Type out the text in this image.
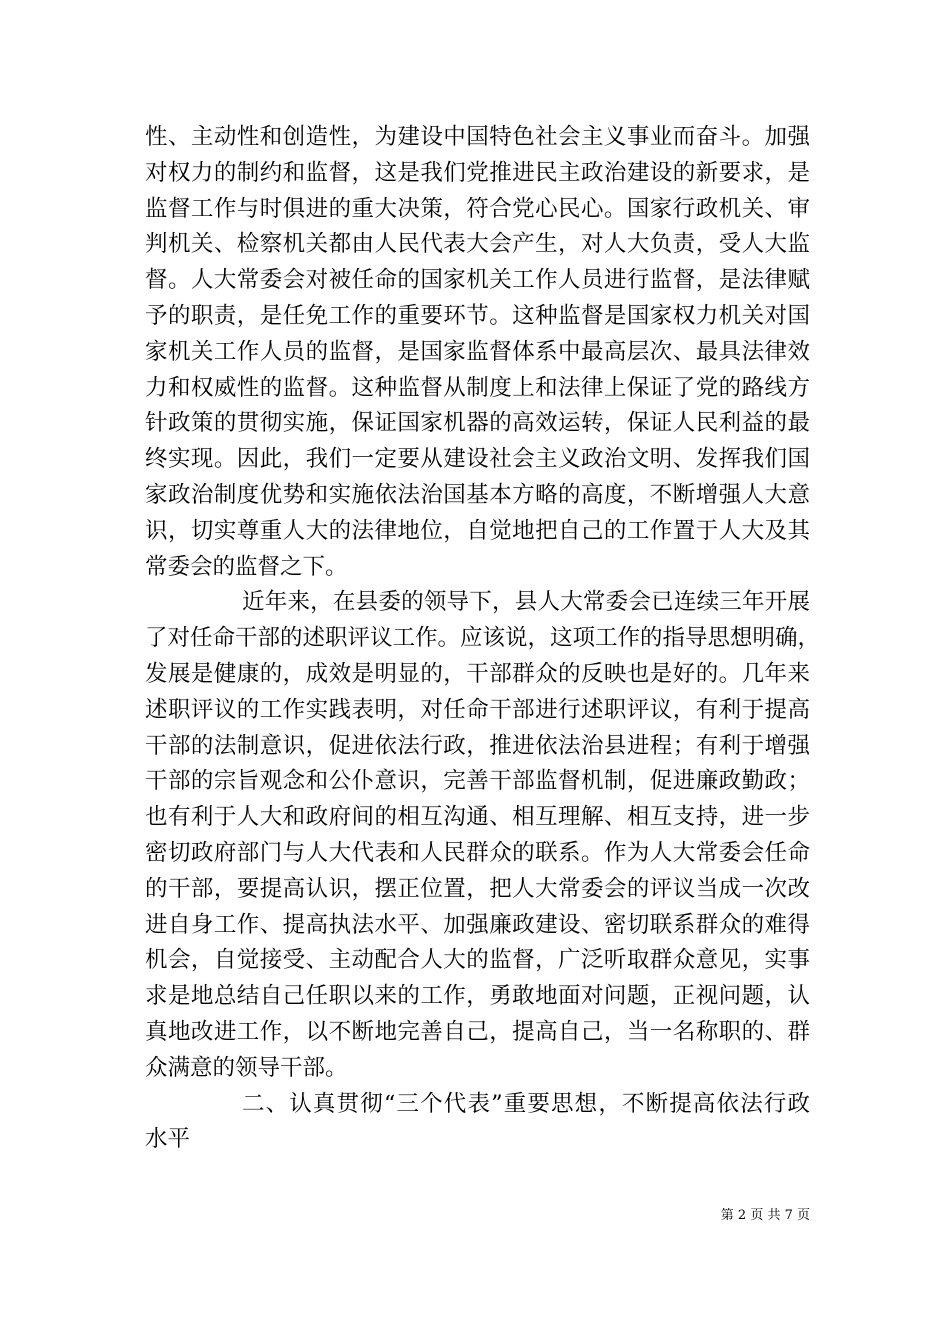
性、主动性和创造性，为建设中国特色社会主义事业而奋斗。加强
对权力的制约和监督，这是我们党推进民主政治建设的新要求，是
监督工作与时俱进的重大决策，符合党心民心。国家行政机关、审
判机关、检察机关都由人民代表大会产生，对人大负责，受人大监
督。人大常委会对被任命的国家机关工作人员进行监督，是法律赋
予的职责，是任免工作的重要环节。这种监督是国家权力机关对国
家机关工作人员的监督，是国家监督体系中最高层次、最具法律效
力和权威性的监督。这种监督从制度上和法律上保证了党的路线方
针政策的贯彻实施，保证国家机器的高效运转，保证人民利益的最
终实现。因此，我们一定要从建设社会主义政治文明、发挥我们国
家政治制度优势和实施依法治国基本方略的高度，不断增强人大意
识，切实尊重人大的法律地位，自觉地把自己的工作置于人大及其
常委会的监督之下。
近年来，在县委的领导下，县人大常委会已连续三年开展
了对任命干部的述职评议工作。应该说，这项工作的指导思想明确，
发展是健康的，成效是明显的，干部群众的反映也是好的。几年来
述职评议的工作实践表明，对任命干部进行述职评议，有利于提高
干部的法制意识，促进依法行政，推进依法治县进程；有利于增强
干部的宗旨观念和公仆意识，完善干部监督机制，促进廉政勤政；
也有利于人大和政府间的相互沟通、相互理解、相互支持，进一步
密切政府部门与人大代表和人民群众的联系。作为人大常委会任命
的干部，要提高认识，摆正位置，把人大常委会的评议当成一次改
进自身工作、提高执法水平、加强廉政建设、密切联系群众的难得
机会，自觉接受、主动配合人大的监督，广泛听取群众意见，实事
求是地总结自己任职以来的工作，勇敢地面对问题，正视问题，认
真地改进工作，以不断地完善自己，提高自己，当一名称职的、群
众满意的领导干部。
二、认真贯彻“三个代表”重要思想，不断提高依法行政
水平
第 2 页 共 7 页
